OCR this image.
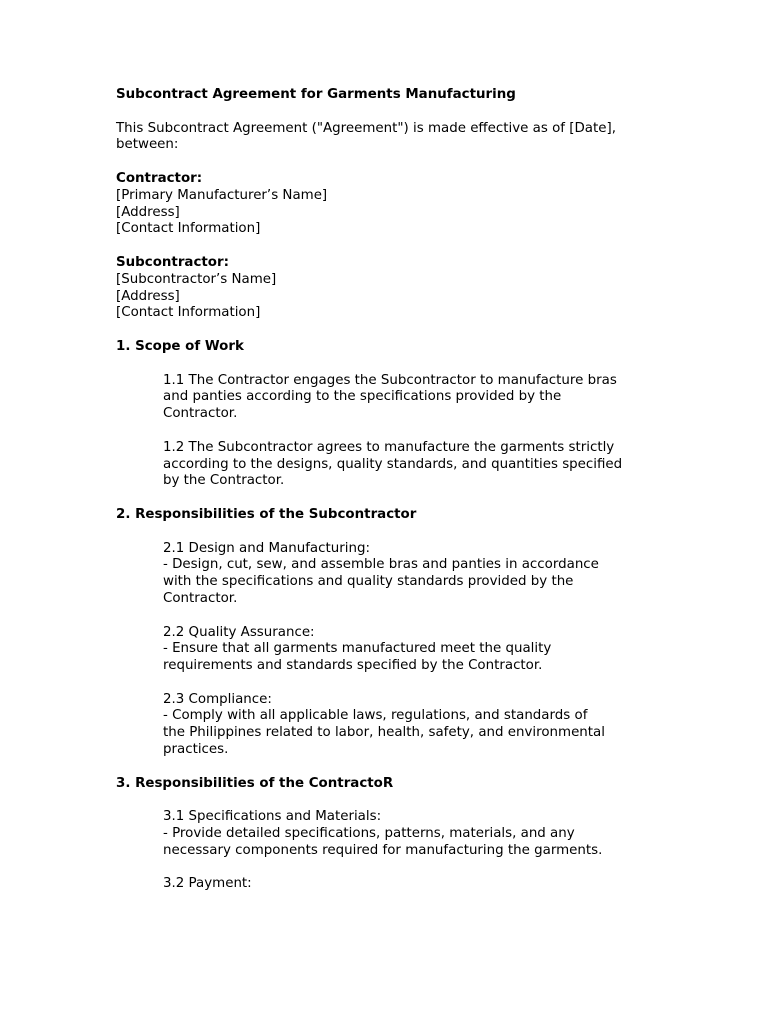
Subcontract Agreement for Garments Manufacturing

This Subcontract Agreement ("Agreement") is made effective as of [Date],
between:

Contractor:

[Primary Manufacturer’s Name]

[Address]

[Contact Information]

Subcontractor:

[Subcontractor’s Name]

[Address]

[Contact Information]

1. Scope of Work

1.1 The Contractor engages the Subcontractor to manufacture bras
and panties according to the specifications provided by the
Contractor.

1.2 The Subcontractor agrees to manufacture the garments strictly
according to the designs, quality standards, and quantities specified
by the Contractor.

2. Responsibilities of the Subcontractor

2.1 Design and Manufacturing:
- Design, cut, sew, and assemble bras and panties in accordance
with the specifications and quality standards provided by the
Contractor.

2.2 Quality Assurance:
- Ensure that all garments manufactured meet the quality
requirements and standards specified by the Contractor.

2.3 Compliance:
- Comply with all applicable laws, regulations, and standards of
the Philippines related to labor, health, safety, and environmental
practices.

3. Responsibilities of the ContractoR

3.1 Specifications and Materials:
- Provide detailed specifications, patterns, materials, and any
necessary components required for manufacturing the garments.

3.2 Payment:
